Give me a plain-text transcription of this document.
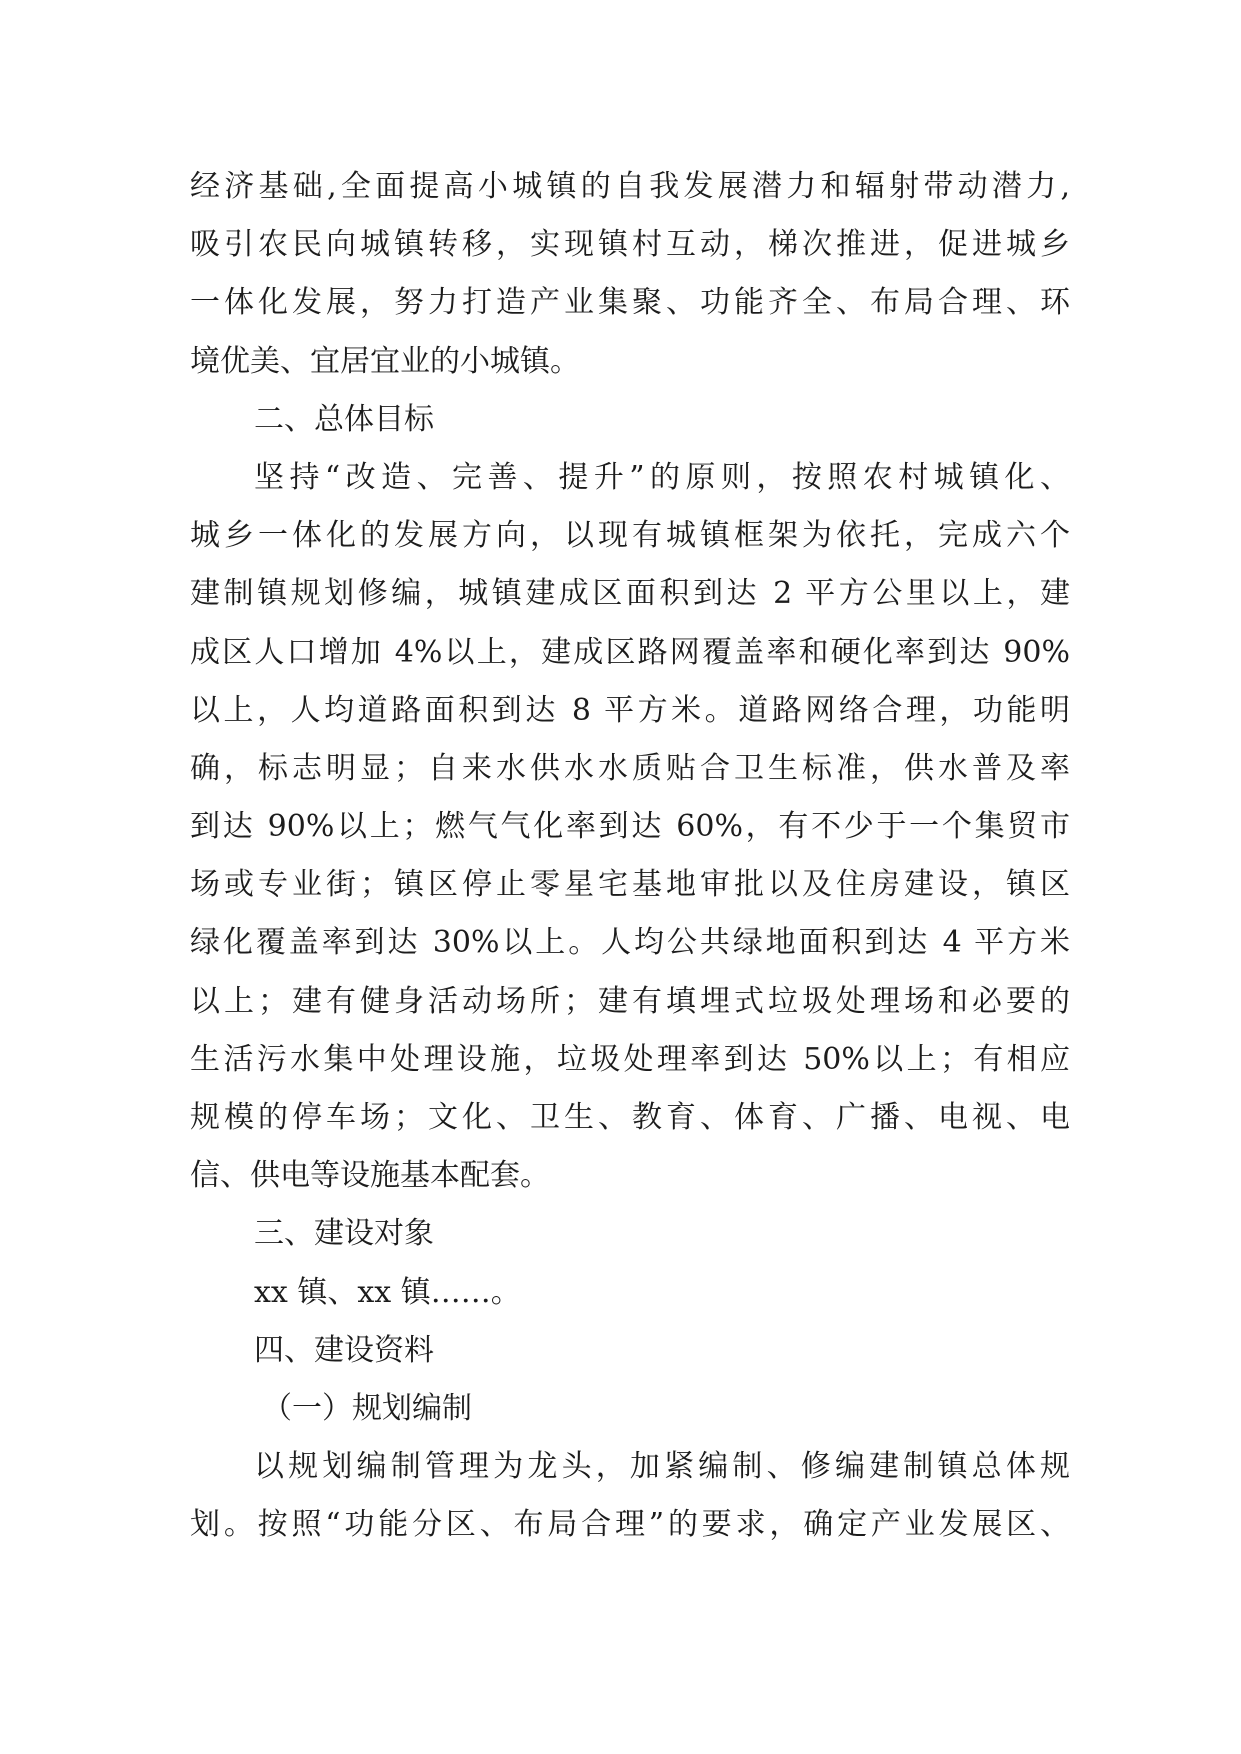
经济基础,全面提高小城镇的自我发展潜力和辐射带动潜力,
吸引农民向城镇转移，实现镇村互动，梯次推进，促进城乡
一体化发展，努力打造产业集聚、功能齐全、布局合理、环
境优美、宜居宜业的小城镇。
二、总体目标
坚持“改造、完善、提升”的原则，按照农村城镇化、
城乡一体化的发展方向，以现有城镇框架为依托，完成六个
建制镇规划修编，城镇建成区面积到达 2 平方公里以上，建
成区人口增加 4%以上，建成区路网覆盖率和硬化率到达 90%
以上，人均道路面积到达 8 平方米。道路网络合理，功能明
确，标志明显；自来水供水水质贴合卫生标准，供水普及率
到达 90%以上；燃气气化率到达 60%，有不少于一个集贸市
场或专业街；镇区停止零星宅基地审批以及住房建设，镇区
绿化覆盖率到达 30%以上。人均公共绿地面积到达 4 平方米
以上；建有健身活动场所；建有填埋式垃圾处理场和必要的
生活污水集中处理设施，垃圾处理率到达 50%以上；有相应
规模的停车场；文化、卫生、教育、体育、广播、电视、电
信、供电等设施基本配套。
三、建设对象
xx 镇、xx 镇……。
四、建设资料
（一）规划编制
以规划编制管理为龙头，加紧编制、修编建制镇总体规
划。按照“功能分区、布局合理”的要求，确定产业发展区、
